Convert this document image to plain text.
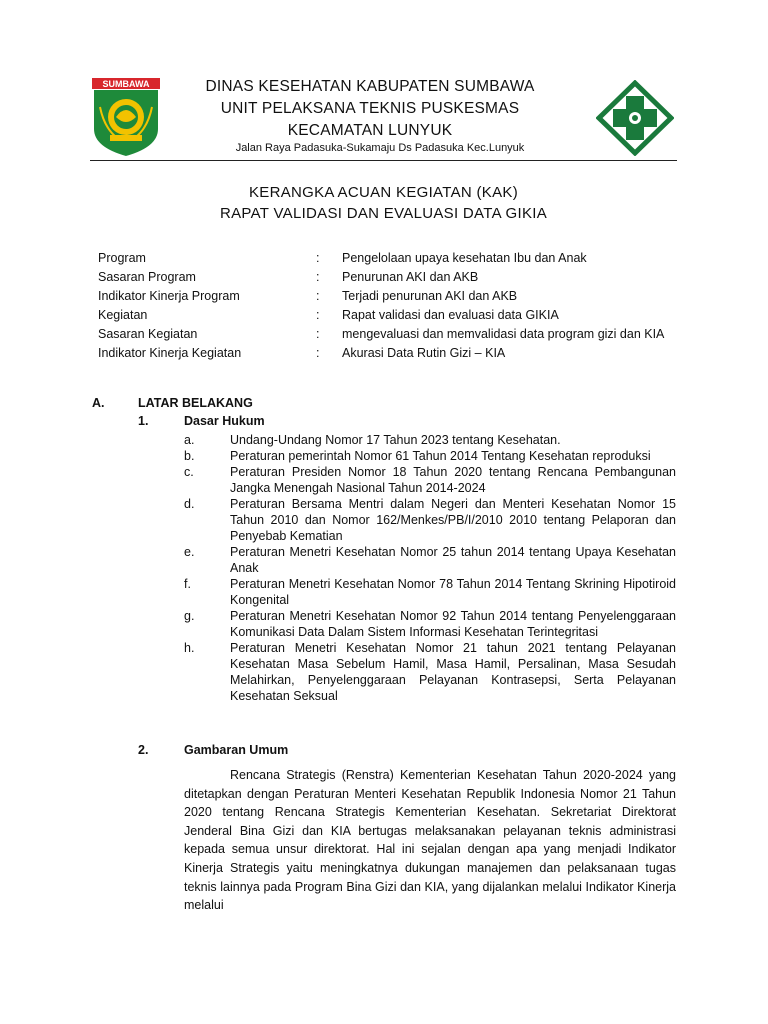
SUMBAWA	DINAS KESEHATAN KABUPATEN SUMBAWA
UNIT PELAKSANA TEKNIS PUSKESMAS
KECAMATAN LUNYUK
Jalan Raya Padasuka-Sukamaju Ds Padasuka Kec.Lunyuk
KERANGKA ACUAN KEGIATAN (KAK)
RAPAT VALIDASI DAN EVALUASI DATA GIKIA
Program	:	Pengelolaan upaya kesehatan Ibu dan Anak
Sasaran Program	:	Penurunan AKI dan AKB
Indikator Kinerja Program	:	Terjadi penurunan AKI dan AKB
Kegiatan	:	Rapat validasi dan evaluasi data GIKIA
Sasaran Kegiatan	:	mengevaluasi dan memvalidasi data program gizi dan KIA
Indikator Kinerja Kegiatan	:	Akurasi Data Rutin Gizi – KIA
A.	LATAR BELAKANG
1.	Dasar Hukum
a.	Undang-Undang Nomor 17 Tahun 2023 tentang Kesehatan.
b.	Peraturan pemerintah Nomor 61 Tahun 2014 Tentang Kesehatan reproduksi
c.	Peraturan Presiden Nomor 18 Tahun 2020 tentang Rencana Pembangunan Jangka Menengah Nasional Tahun 2014-2024
d.	Peraturan Bersama Mentri dalam Negeri dan Menteri Kesehatan Nomor 15 Tahun 2010 dan Nomor 162/Menkes/PB/I/2010 2010 tentang Pelaporan dan Penyebab Kematian
e.	Peraturan Menetri Kesehatan Nomor 25 tahun 2014 tentang Upaya Kesehatan Anak
f.	Peraturan Menetri Kesehatan Nomor 78 Tahun 2014 Tentang Skrining Hipotiroid Kongenital
g.	Peraturan Menetri Kesehatan Nomor 92 Tahun 2014 tentang Penyelenggaraan Komunikasi Data Dalam Sistem Informasi Kesehatan Terintegritasi
h.	Peraturan Menetri Kesehatan Nomor 21 tahun 2021 tentang Pelayanan Kesehatan Masa Sebelum Hamil, Masa Hamil, Persalinan, Masa Sesudah Melahirkan, Penyelenggaraan Pelayanan Kontrasepsi, Serta Pelayanan Kesehatan Seksual
2.	Gambaran Umum
Rencana Strategis (Renstra) Kementerian Kesehatan Tahun 2020-2024 yang ditetapkan dengan Peraturan Menteri Kesehatan Republik Indonesia Nomor 21 Tahun 2020 tentang Rencana Strategis Kementerian Kesehatan. Sekretariat Direktorat Jenderal Bina Gizi dan KIA bertugas melaksanakan pelayanan teknis administrasi kepada semua unsur direktorat. Hal ini sejalan dengan apa yang menjadi Indikator Kinerja Strategis yaitu meningkatnya dukungan manajemen dan pelaksanaan tugas teknis lainnya pada Program Bina Gizi dan KIA, yang dijalankan melalui Indikator Kinerja melalui
